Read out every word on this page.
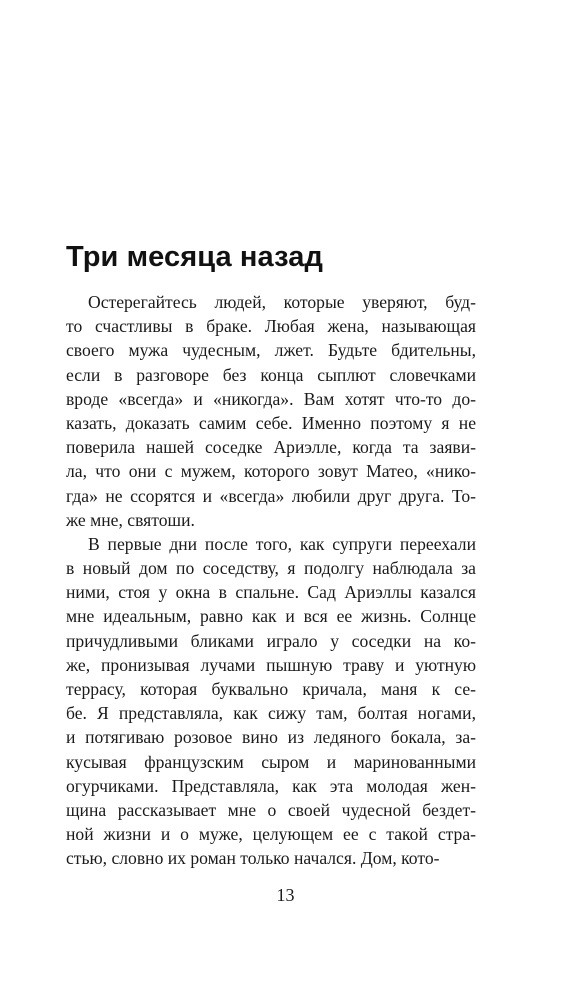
Три месяца назад
Остерегайтесь людей, которые уверяют, буд-
то счастливы в браке. Любая жена, называющая
своего мужа чудесным, лжет. Будьте бдительны,
если в разговоре без конца сыплют словечками
вроде «всегда» и «никогда». Вам хотят что-то до-
казать, доказать самим себе. Именно поэтому я не
поверила нашей соседке Ариэлле, когда та заяви-
ла, что они с мужем, которого зовут Матео, «нико-
гда» не ссорятся и «всегда» любили друг друга. То-
же мне, святоши.
В первые дни после того, как супруги переехали
в новый дом по соседству, я подолгу наблюдала за
ними, стоя у окна в спальне. Сад Ариэллы казался
мне идеальным, равно как и вся ее жизнь. Солнце
причудливыми бликами играло у соседки на ко-
же, пронизывая лучами пышную траву и уютную
террасу, которая буквально кричала, маня к се-
бе. Я представляла, как сижу там, болтая ногами,
и потягиваю розовое вино из ледяного бокала, за-
кусывая французским сыром и маринованными
огурчиками. Представляла, как эта молодая жен-
щина рассказывает мне о своей чудесной бездет-
ной жизни и о муже, целующем ее с такой стра-
стью, словно их роман только начался. Дом, кото-
13
